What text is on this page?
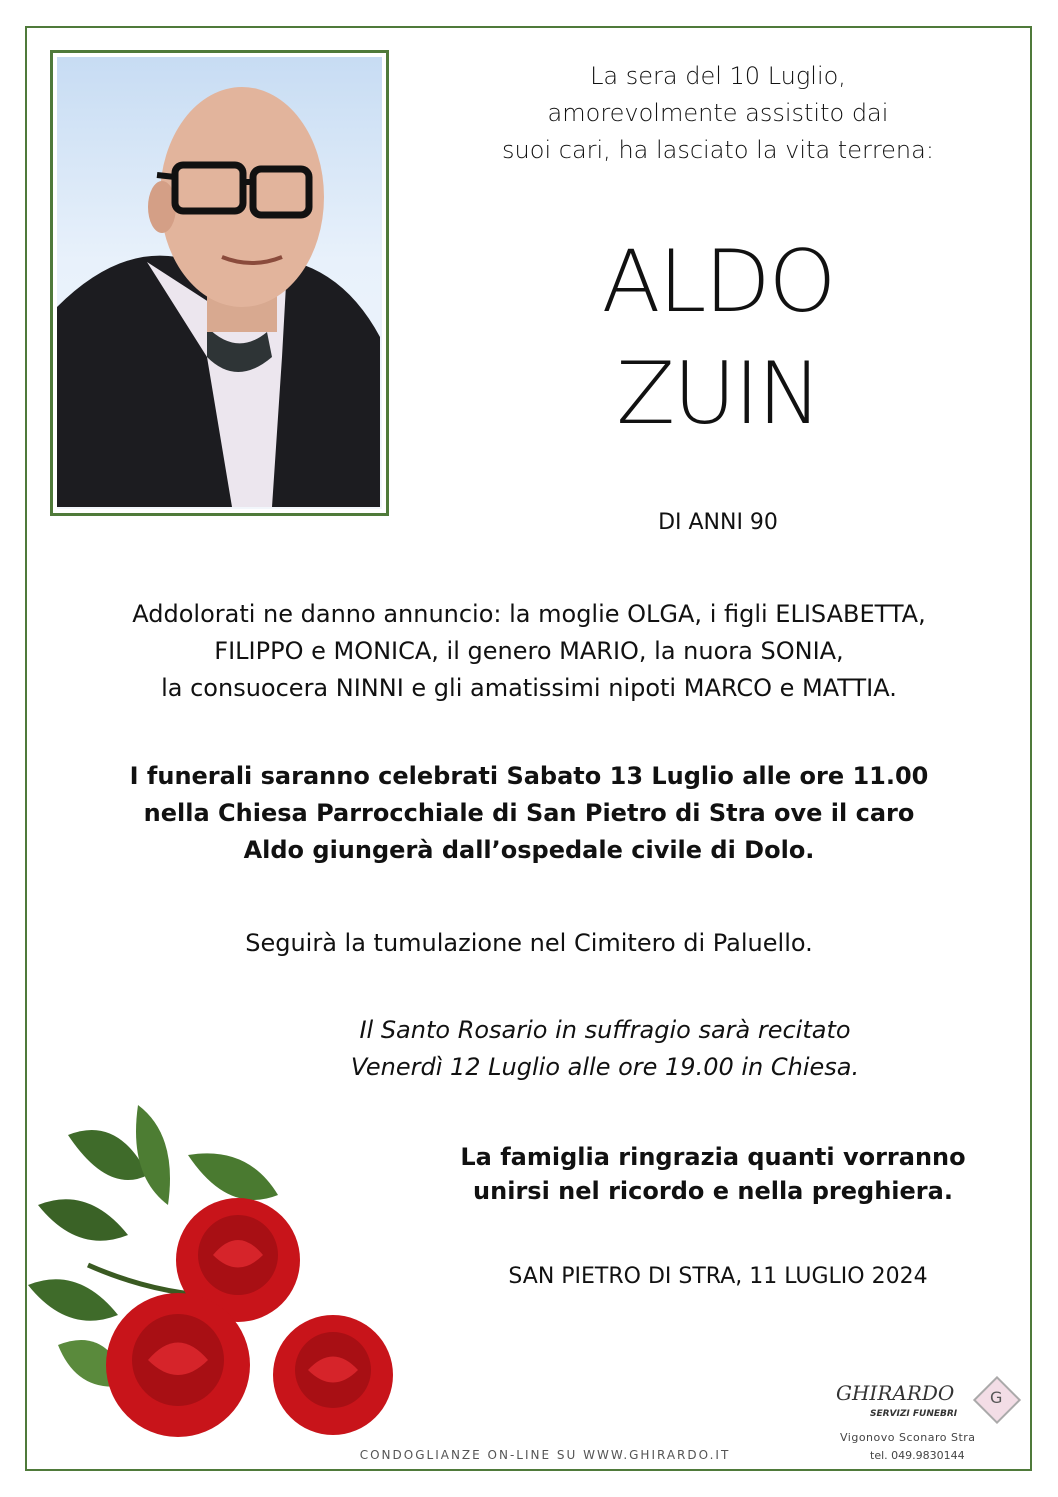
La sera del 10 Luglio,
amorevolmente assistito dai
suoi cari, ha lasciato la vita terrena:
ALDO
ZUIN
DI ANNI 90
Addolorati ne danno annuncio: la moglie OLGA, i figli ELISABETTA,
FILIPPO e MONICA, il genero MARIO, la nuora SONIA,
la consuocera NINNI e gli amatissimi nipoti MARCO e MATTIA.
I funerali saranno celebrati Sabato 13 Luglio alle ore 11.00
nella Chiesa Parrocchiale di San Pietro di Stra ove il caro
Aldo giungerà dall’ospedale civile di Dolo.
Seguirà la tumulazione nel Cimitero di Paluello.
Il Santo Rosario in suffragio sarà recitato
Venerdì 12 Luglio alle ore 19.00 in Chiesa.
La famiglia ringrazia quanti vorranno
unirsi nel ricordo e nella preghiera.
SAN PIETRO DI STRA, 11 LUGLIO 2024
CONDOGLIANZE ON-LINE SU WWW.GHIRARDO.IT
GHIRARDO
SERVIZI FUNEBRI
G
Vigonovo Sconaro Stra
tel. 049.9830144
